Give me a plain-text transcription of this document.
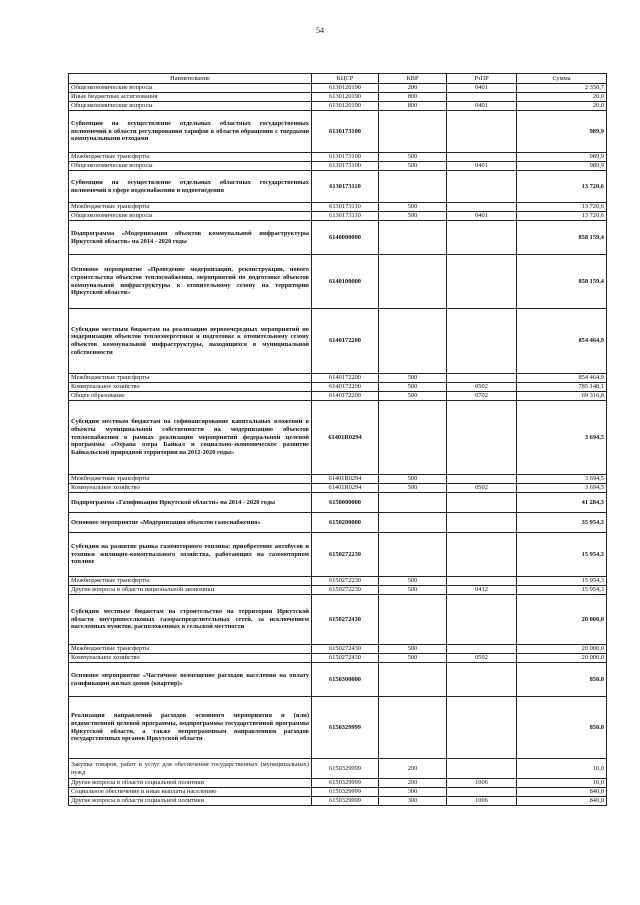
54
Наименование	КЦСР	КВР	РзПР	Сумма
Общеэкономические вопросы	6130120190	200	0401	2 350,7
Иные бюджетные ассигнования	6130120190	800		20,0
Общеэкономические вопросы	6130120190	800	0401	20,0
Субвенции на осуществление отдельных областных государственных полномочий в области регулирования тарифов в области обращения с твердыми коммунальными отходами	6130173100			989,9
Межбюджетные трансферты	6130173100	500		989,9
Общеэкономические вопросы	6130173100	500	0401	989,9
Субвенции на осуществление отдельных областных государственных полномочий в сфере водоснабжения и водоотведения	6130173110			13 720,6
Межбюджетные трансферты	6130173110	500		13 720,6
Общеэкономические вопросы	6130173110	500	0401	13 720,6
Подпрограмма «Модернизация объектов коммунальной инфраструктуры Иркутской области» на 2014 - 2020 годы	6140000000			858 159,4
Основное мероприятие «Проведение модернизации, реконструкции, нового строительства объектов теплоснабжения, мероприятий по подготовке объектов коммунальной инфраструктуры к отопительному сезону на территории Иркутской области»	6140100000			858 159,4
Субсидии местным бюджетам на реализацию первоочередных мероприятий по модернизации объектов теплоэнергетики и подготовке к отопительному сезону объектов коммунальной инфраструктуры, находящихся в муниципальной собственности	6140172200			854 464,9
Межбюджетные трансферты	6140172200	500		854 464,9
Коммунальное хозяйство	6140172200	500	0502	785 148,1
Общее образование	6140172200	500	0702	69 316,8
Субсидии местным бюджетам на софинансирование капитальных вложений в объекты муниципальной собственности на модернизацию объектов теплоснабжения в рамках реализации мероприятий федеральной целевой программы «Охрана озера Байкал и социально-экономическое развитие Байкальской природной территории на 2012-2020 годы»	61401R0294			3 694,5
Межбюджетные трансферты	61401R0294	500		3 694,5
Коммунальное хозяйство	61401R0294	500	0502	3 694,5
Подпрограмма «Газификация Иркутской области» на 2014 - 2020 годы	6150000000			41 284,3
Основное мероприятие «Модернизация объектов газоснабжения»	6150200000			35 954,3
Субсидии на развитие рынка газомоторного топлива: приобретение автобусов и техники жилищно-коммунального хозяйства, работающих на газомоторном топливе	6150272230			15 954,3
Межбюджетные трансферты	6150272230	500		15 954,3
Другие вопросы в области национальной экономики	6150272230	500	0412	15 954,3
Субсидии местным бюджетам на строительство на территории Иркутской области внутрипоселковых газораспределительных сетей, за исключением населенных пунктов, расположенных в сельской местности	6150272430			20 000,0
Межбюджетные трансферты	6150272430	500		20 000,0
Коммунальное хозяйство	6150272430	500	0502	20 000,0
Основное мероприятие «Частичное возмещение расходов населения на оплату газификации жилых домов (квартир)»	6150300000			850,0
Реализация направлений расходов основного мероприятия и (или) ведомственной целевой программы, подпрограммы государственной программы Иркутской области, а также непрограммным направлениям расходов государственных органов Иркутской области	6150329999			850,0
Закупка товаров, работ и услуг для обеспечения государственных (муниципальных) нужд	6150329999	200		10,0
Другие вопросы в области социальной политики	6150329999	200	1006	10,0
Социальное обеспечение и иные выплаты населению	6150329999	300		840,0
Другие вопросы в области социальной политики	6150329999	300	1006	840,0
